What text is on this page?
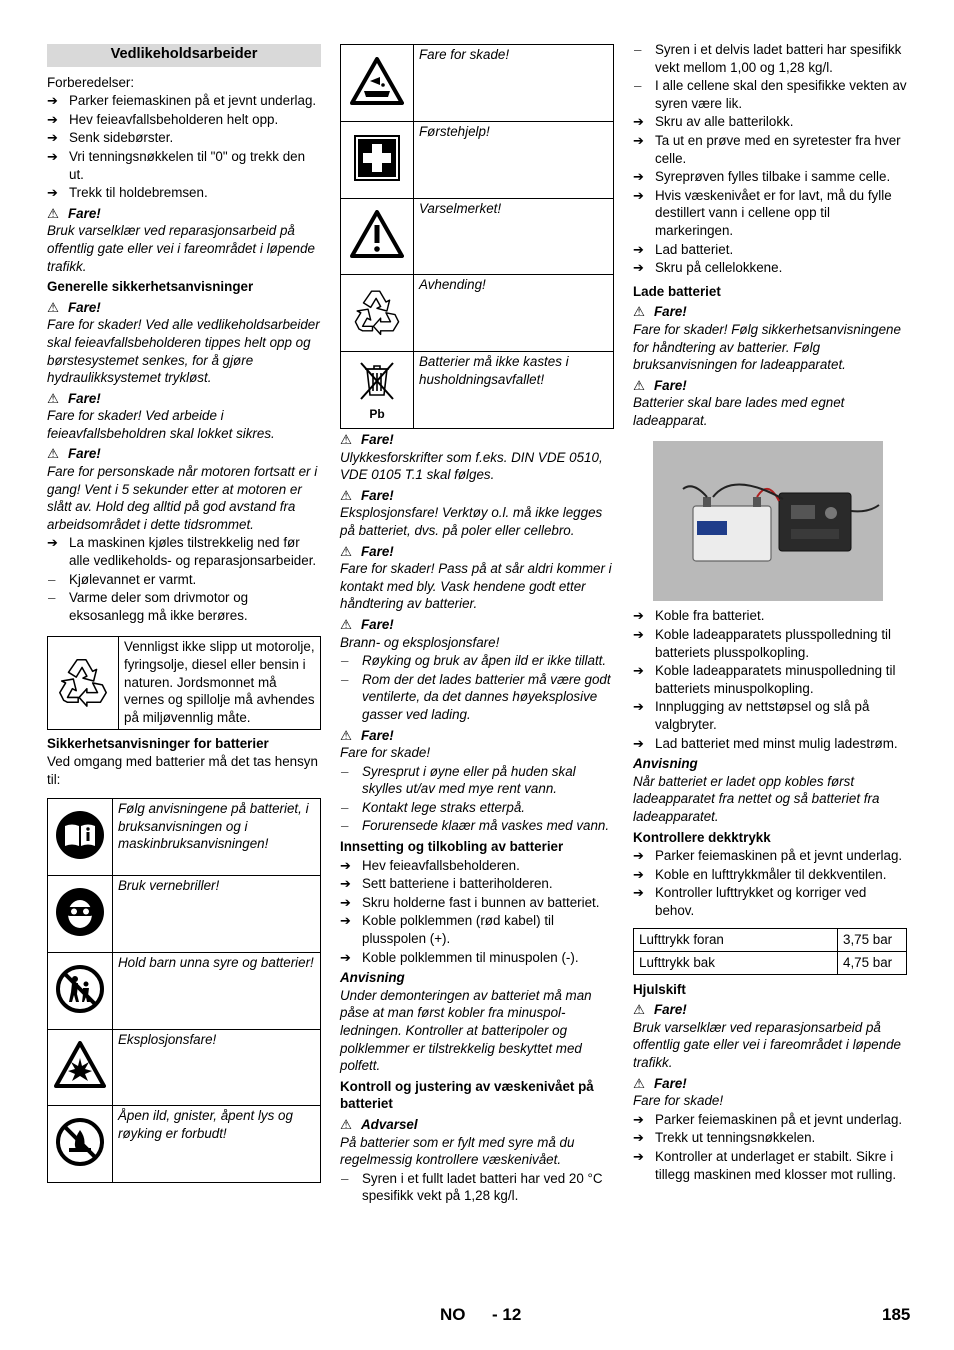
Vedlikeholdsarbeider

Forberedelser:

➔ Parker feiemaskinen på et jevnt underlag.
➔ Hev feieavfallsbeholderen helt opp.
➔ Senk sidebørster.
➔ Vri tenningsnøkkelen til "0" og trekk den ut.
➔ Trekk til holdebremsen.

⚠ Fare!

Bruk varselklær ved reparasjonsarbeid på offentlig gate eller vei i fareområdet i løpende trafikk.

Generelle sikkerhetsanvisninger

⚠ Fare!

Fare for skader! Ved alle vedlikeholdsarbeider skal feieavfallsbeholderen tippes helt opp og børstesystemet senkes, for å gjøre hydraulikksystemet trykløst.

⚠ Fare!

Fare for skader! Ved arbeide i feieavfallsbeholdren skal lokket sikres.

⚠ Fare!

Fare for personskade når motoren fortsatt er i gang! Vent i 5 sekunder etter at motoren er slått av. Hold deg alltid på god avstand fra arbeidsområdet i dette tidsrommet.

➔ La maskinen kjøles tilstrekkelig ned før alle vedlikeholds- og reparasjonsarbeider.
– Kjølevannet er varmt.
– Varme deler som drivmotor og eksosanlegg må ikke berøres.
	Vennligst ikke slipp ut motorolje, fyringsolje, diesel eller bensin i naturen. Jordsmonnet må vernes og spillolje må avhendes på miljøvennlig måte.

Sikkerhetsanvisninger for batterier

Ved omgang med batterier må det tas hensyn til:

	Følg anvisningene på batteriet, i bruksanvisningen og i maskinbruksanvisningen!
	Bruk vernebriller!
	Hold barn unna syre og batterier!
	Eksplosjonsfare!
	Åpen ild, gnister, åpent lys og røyking er forbudt!
	Fare for skade!
	Førstehjelp!
	Varselmerket!
	Avhending!

Pb	Batterier må ikke kastes i husholdningsavfallet!

⚠ Fare!

Ulykkesforskrifter som f.eks. DIN VDE 0510, VDE 0105 T.1 skal følges.

⚠ Fare!

Eksplosjonsfare! Verktøy o.l. må ikke legges på batteriet, dvs. på poler eller cellebro.

⚠ Fare!

Fare for skader! Pass på at sår aldri kommer i kontakt med bly. Vask hendene godt etter håndtering av batterier.

⚠ Fare!

Brann- og eksplosjonsfare!

– Røyking og bruk av åpen ild er ikke tillatt.
– Rom der det lades batterier må være godt ventilerte, da det dannes høyeksplosive gasser ved lading.

⚠ Fare!

Fare for skade!

– Syresprut i øyne eller på huden skal skylles ut/av med mye rent vann.
– Kontakt lege straks etterpå.
– Forurensede klaær må vaskes med vann.

Innsetting og tilkobling av batterier

➔ Hev feieavfallsbeholderen.
➔ Sett batteriene i batteriholderen.
➔ Skru holderne fast i bunnen av batteriet.
➔ Koble polklemmen (rød kabel) til plusspolen (+).
➔ Koble polklemmen til minuspolen (-).

Anvisning

Under demonteringen av batteriet må man påse at man først kobler fra minuspol-ledningen. Kontroller at batteripoler og polklemmer er tilstrekkelig beskyttet med polfett.

Kontroll og justering av væskenivået på batteriet

⚠ Advarsel

På batterier som er fylt med syre må du regelmessig kontrollere væskenivået.

– Syren i et fullt ladet batteri har ved 20 °C spesifikk vekt på 1,28 kg/l.
– Syren i et delvis ladet batteri har spesifikk vekt mellom 1,00 og 1,28 kg/l.
– I alle cellene skal den spesifikke vekten av syren være lik.
➔ Skru av alle batterilokk.
➔ Ta ut en prøve med en syretester fra hver celle.
➔ Syreprøven fylles tilbake i samme celle.
➔ Hvis væskenivået er for lavt, må du fylle destillert vann i cellene opp til markeringen.
➔ Lad batteriet.
➔ Skru på cellelokkene.

Lade batteriet

⚠ Fare!

Fare for skader! Følg sikkerhetsanvisningene for håndtering av batterier. Følg bruksanvisningen for ladeapparatet.

⚠ Fare!

Batterier skal bare lades med egnet ladeapparat.

➔ Koble fra batteriet.
➔ Koble ladeapparatets plusspolledning til batteriets plusspolkopling.
➔ Koble ladeapparatets minuspolledning til batteriets minuspolkopling.
➔ Innplugging av nettstøpsel og slå på valgbryter.
➔ Lad batteriet med minst mulig ladestrøm.

Anvisning

Når batteriet er ladet opp kobles først ladeapparatet fra nettet og så batteriet fra ladeapparatet.

Kontrollere dekktrykk

➔ Parker feiemaskinen på et jevnt underlag.
➔ Koble en lufttrykkmåler til dekkventilen.
➔ Kontroller lufttrykket og korriger ved behov.
Lufttrykk foran	3,75 bar
Lufttrykk bak	4,75 bar

Hjulskift

⚠ Fare!

Bruk varselklær ved reparasjonsarbeid på offentlig gate eller vei i fareområdet i løpende trafikk.

⚠ Fare!

Fare for skade!

➔ Parker feiemaskinen på et jevnt underlag.
➔ Trekk ut tenningsnøkkelen.
➔ Kontroller at underlaget er stabilt. Sikre i tillegg maskinen med klosser mot rulling.
NO - 12	185
